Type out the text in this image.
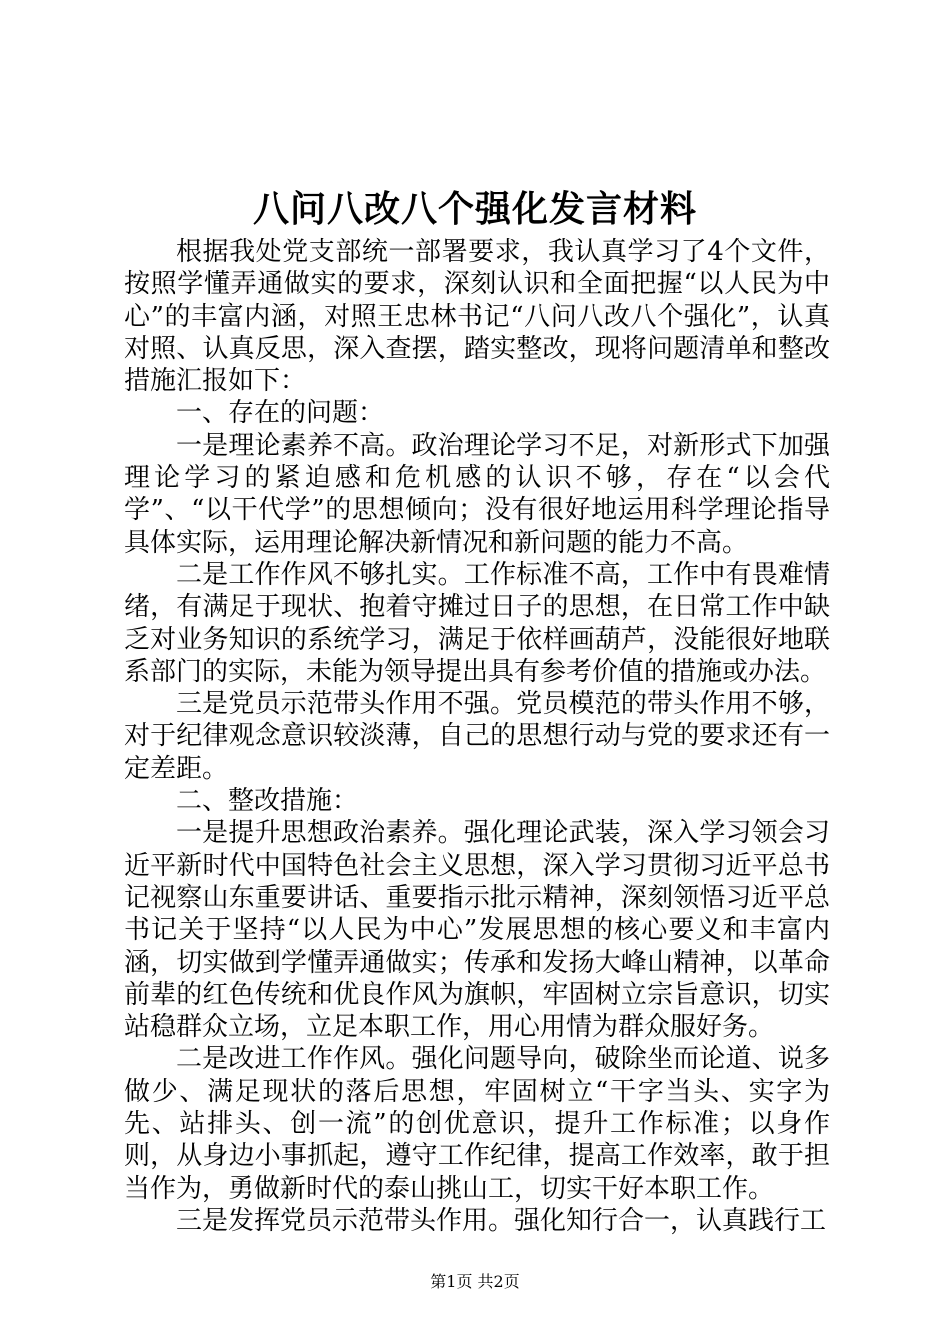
八问八改八个强化发言材料

根据我处党支部统一部署要求，我认真学习了4个文件，按照学懂弄通做实的要求，深刻认识和全面把握“以人民为中心”的丰富内涵，对照王忠林书记“八问八改八个强化”，认真对照、认真反思，深入查摆，踏实整改，现将问题清单和整改措施汇报如下：

一、存在的问题：

一是理论素养不高。政治理论学习不足，对新形式下加强理论学习的紧迫感和危机感的认识不够，存在“以会代学”、“以干代学”的思想倾向；没有很好地运用科学理论指导具体实际，运用理论解决新情况和新问题的能力不高。

二是工作作风不够扎实。工作标准不高，工作中有畏难情绪，有满足于现状、抱着守摊过日子的思想，在日常工作中缺乏对业务知识的系统学习，满足于依样画葫芦，没能很好地联系部门的实际，未能为领导提出具有参考价值的措施或办法。

三是党员示范带头作用不强。党员模范的带头作用不够，对于纪律观念意识较淡薄，自己的思想行动与党的要求还有一定差距。

二、整改措施：

一是提升思想政治素养。强化理论武装，深入学习领会习近平新时代中国特色社会主义思想，深入学习贯彻习近平总书记视察山东重要讲话、重要指示批示精神，深刻领悟习近平总书记关于坚持“以人民为中心”发展思想的核心要义和丰富内涵，切实做到学懂弄通做实；传承和发扬大峰山精神，以革命前辈的红色传统和优良作风为旗帜，牢固树立宗旨意识，切实站稳群众立场，立足本职工作，用心用情为群众服好务。

二是改进工作作风。强化问题导向，破除坐而论道、说多做少、满足现状的落后思想，牢固树立“干字当头、实字为先、站排头、创一流”的创优意识，提升工作标准；以身作则，从身边小事抓起，遵守工作纪律，提高工作效率，敢于担当作为，勇做新时代的泰山挑山工，切实干好本职工作。

三是发挥党员示范带头作用。强化知行合一，认真践行工

第1页 共2页
